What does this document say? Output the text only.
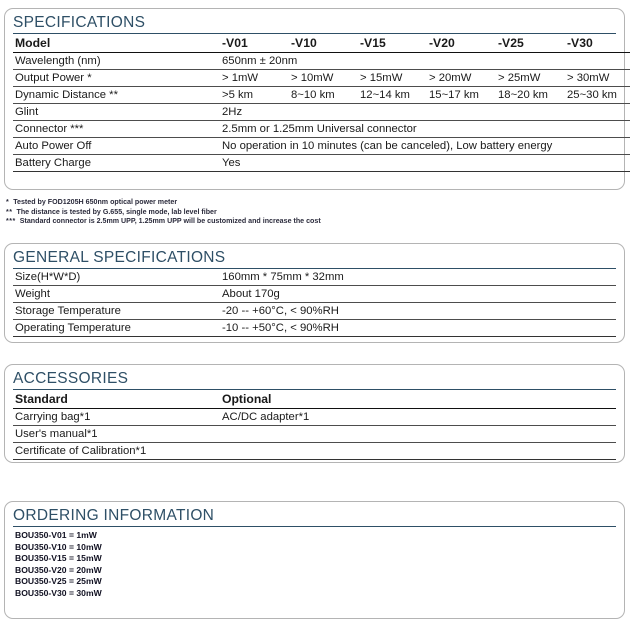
SPECIFICATIONS
Model	-V01	-V10	-V15	-V20	-V25	-V30
Wavelength (nm)	650nm ± 20nm					
Output Power *	> 1mW	> 10mW	> 15mW	> 20mW	> 25mW	> 30mW
Dynamic Distance **	>5 km	8~10 km	12~14 km	15~17 km	18~20 km	25~30 km
Glint	2Hz					
Connector ***	2.5mm or 1.25mm Universal connector					
Auto Power Off	No operation in 10 minutes (can be canceled), Low battery energy					
Battery Charge	Yes					
* Tested by FOD1205H 650nm optical power meter
** The distance is tested by G.655, single mode, lab level fiber
*** Standard connector is 2.5mm UPP, 1.25mm UPP will be customized and increase the cost
GENERAL SPECIFICATIONS
Size(H*W*D)	160mm * 75mm * 32mm
Weight	About 170g
Storage Temperature	-20 -- +60°C, < 90%RH
Operating Temperature	-10 -- +50°C, < 90%RH
ACCESSORIES
Standard	Optional
Carrying bag*1	AC/DC adapter*1
User's manual*1	
Certificate of Calibration*1	
ORDERING INFORMATION
BOU350-V01 = 1mW
BOU350-V10 = 10mW
BOU350-V15 = 15mW
BOU350-V20 = 20mW
BOU350-V25 = 25mW
BOU350-V30 = 30mW
